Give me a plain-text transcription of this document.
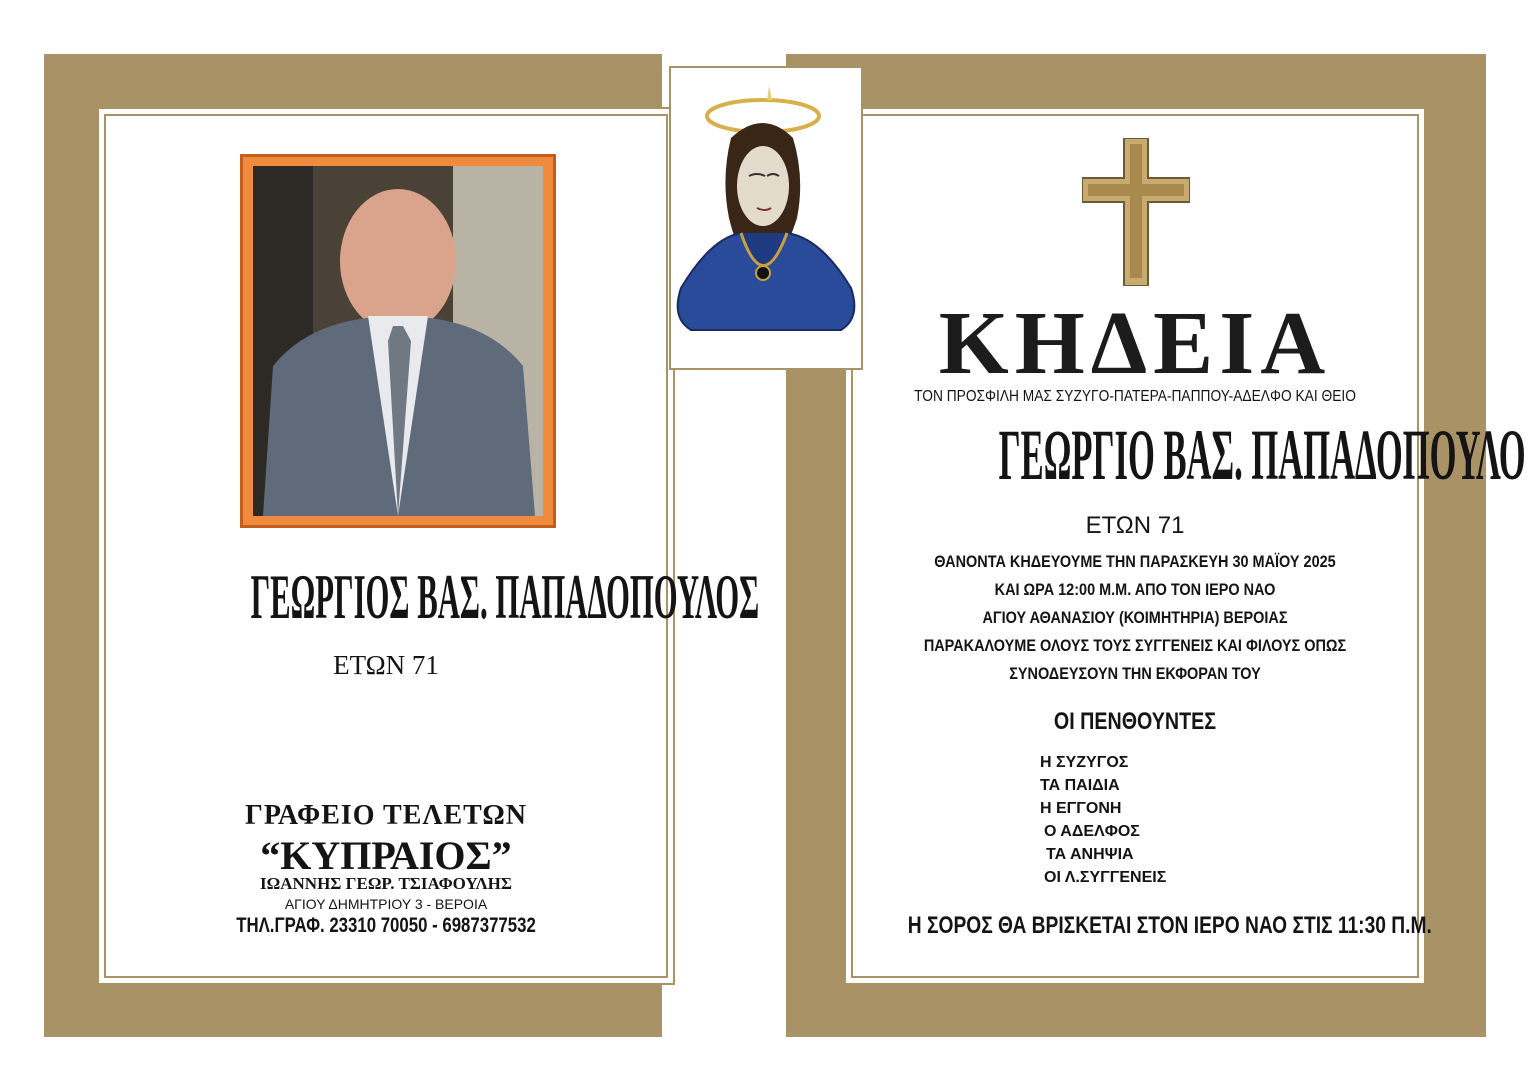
ΓΕΩΡΓΙΟΣ ΒΑΣ. ΠΑΠΑΔΟΠΟΥΛΟΣ
ΕΤΩΝ 71
ΓΡΑΦΕΙΟ ΤΕΛΕΤΩΝ
“ΚΥΠΡΑΙΟΣ”
ΙΩΑΝΝΗΣ ΓΕΩΡ. ΤΣΙΑΦΟΥΛΗΣ
ΑΓΙΟΥ ΔΗΜΗΤΡΙΟΥ 3 - ΒΕΡΟΙΑ
ΤΗΛ.ΓΡΑΦ. 23310 70050 - 6987377532
ΚΗΔΕΙΑ
ΤΟΝ ΠΡΟΣΦΙΛΗ ΜΑΣ ΣΥΖΥΓΟ-ΠΑΤΕΡΑ-ΠΑΠΠΟΥ-ΑΔΕΛΦΟ ΚΑΙ ΘΕΙΟ
ΓΕΩΡΓΙΟ ΒΑΣ. ΠΑΠΑΔΟΠΟΥΛΟ
ΕΤΩΝ 71
ΘΑΝΟΝΤΑ ΚΗΔΕΥΟΥΜΕ ΤΗΝ ΠΑΡΑΣΚΕΥΗ 30 ΜΑΪΟΥ 2025
ΚΑΙ ΩΡΑ 12:00 Μ.Μ. ΑΠΟ ΤΟΝ ΙΕΡΟ ΝΑΟ
ΑΓΙΟΥ ΑΘΑΝΑΣΙΟΥ (ΚΟΙΜΗΤΗΡΙΑ) ΒΕΡΟΙΑΣ
ΠΑΡΑΚΑΛΟΥΜΕ ΟΛΟΥΣ ΤΟΥΣ ΣΥΓΓΕΝΕΙΣ ΚΑΙ ΦΙΛΟΥΣ ΟΠΩΣ
ΣΥΝΟΔΕΥΣΟΥΝ ΤΗΝ ΕΚΦΟΡΑΝ ΤΟΥ
ΟΙ ΠΕΝΘΟΥΝΤΕΣ
Η ΣΥΖΥΓΟΣ
ΤΑ ΠΑΙΔΙΑ
Η ΕΓΓΟΝΗ
Ο ΑΔΕΛΦΟΣ
ΤΑ ΑΝΗΨΙΑ
ΟΙ Λ.ΣΥΓΓΕΝΕΙΣ
Η ΣΟΡΟΣ ΘΑ ΒΡΙΣΚΕΤΑΙ ΣΤΟΝ ΙΕΡΟ ΝΑΟ ΣΤΙΣ 11:30 Π.Μ.
